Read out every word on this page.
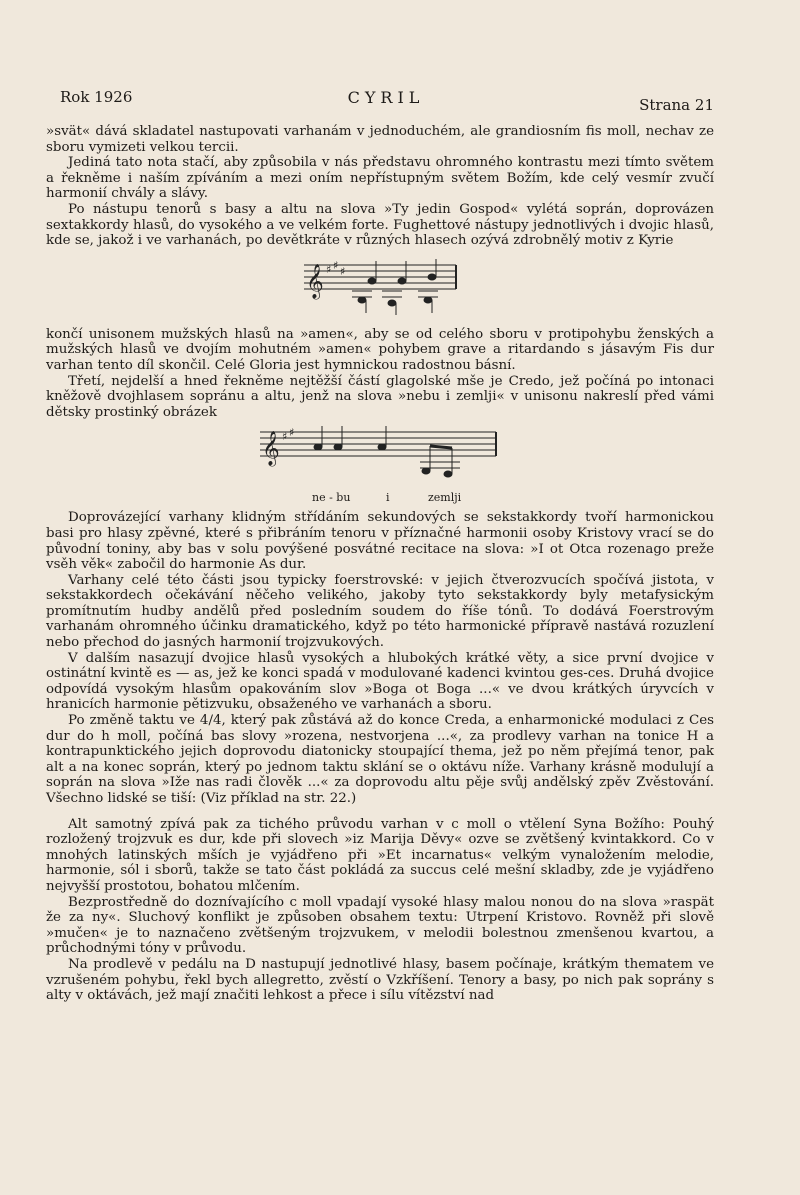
Rok 1926	CYRIL	Strana 21

»svät« dává skladatel nastupovati varhanám v jednoduchém, ale grandiosním fis moll, nechav ze sboru vymizeti velkou tercii.

Jediná tato nota stačí, aby způsobila v nás představu ohromného kontrastu mezi tímto světem a řekněme i naším zpíváním a mezi oním nepřístupným světem Božím, kde celý vesmír zvučí harmonií chvály a slávy.

Po nástupu tenorů s basy a altu na slova »Ty jedin Gospod« vylétá soprán, doprovázen sextakkordy hlasů, do vysokého a ve velkém forte. Fughettové nástupy jednotlivých i dvojic hlasů, kde se, jakož i ve varhanách, po devětkráte v různých hlasech ozývá zdrobnělý motiv z Kyrie

𝄞 ♯ ♯ ♯

končí unisonem mužských hlasů na »amen«, aby se od celého sboru v protipohybu ženských a mužských hlasů ve dvojím mohutném »amen« pohybem grave a ritardando s jásavým Fis dur varhan tento díl skončil. Celé Gloria jest hymnickou radostnou básní.

Třetí, nejdelší a hned řekněme nejtěžší částí glagolské mše je Credo, jež počíná po intonaci kněžově dvojhlasem sopránu a altu, jenž na slova »nebu i zemlji« v unisonu nakreslí před vámi dětsky prostinký obrázek

𝄞 ♯ ♯
ne - bu	i	zemlji

Doprovázející varhany klidným střídáním sekundových se sekstakkordy tvoří harmonickou basi pro hlasy zpěvné, které s přibráním tenoru v příznačné harmonii osoby Kristovy vrací se do původní toniny, aby bas v solu povýšené posvátné recitace na slova: »I ot Otca rozenago preže vsěh věk« zabočil do harmonie As dur.

Varhany celé této části jsou typicky foerstrovské: v jejich čtverozvucích spočívá jistota, v sekstakkordech očekávání něčeho velikého, jakoby tyto sekstakkordy byly metafysickým promítnutím hudby andělů před posledním soudem do říše tónů. To dodává Foerstrovým varhanám ohromného účinku dramatického, když po této harmonické přípravě nastává rozuzlení nebo přechod do jasných harmonií trojzvukových.

V dalším nasazují dvojice hlasů vysokých a hlubokých krátké věty, a sice první dvojice v ostinátní kvintě es — as, jež ke konci spadá v modulované kadenci kvintou ges-ces. Druhá dvojice odpovídá vysokým hlasům opakováním slov »Boga ot Boga ...« ve dvou krátkých úryvcích v hranicích harmonie pětizvuku, obsaženého ve varhanách a sboru.

Po změně taktu ve 4/4, který pak zůstává až do konce Creda, a enharmonické modulaci z Ces dur do h moll, počíná bas slovy »rozena, nestvorjena ...«, za prodlevy varhan na tonice H a kontrapunktického jejich doprovodu diatonicky stoupající thema, jež po něm přejímá tenor, pak alt a na konec soprán, který po jednom taktu sklání se o oktávu níže. Varhany krásně modulují a soprán na slova »Iže nas radi člověk ...« za doprovodu altu pěje svůj andělský zpěv Zvěstování. Všechno lidské se tiší: (Viz příklad na str. 22.)

Alt samotný zpívá pak za tichého průvodu varhan v c moll o vtělení Syna Božího: Pouhý rozložený trojzvuk es dur, kde při slovech »iz Marija Děvy« ozve se zvětšený kvintakkord. Co v mnohých latinských mších je vyjádřeno při »Et incarnatus« velkým vynaložením melodie, harmonie, sól i sborů, takže se tato část pokládá za succus celé mešní skladby, zde je vyjádřeno nejvyšší prostotou, bohatou mlčením.

Bezprostředně do doznívajícího c moll vpadají vysoké hlasy malou nonou do na slova »raspät že za ny«. Sluchový konflikt je způsoben obsahem textu: Utrpení Kristovo. Rovněž při slově »mučen« je to naznačeno zvětšeným trojzvukem, v melodii bolestnou zmenšenou kvartou, a průchodnými tóny v průvodu.

Na prodlevě v pedálu na D nastupují jednotlivé hlasy, basem počínaje, krátkým thematem ve vzrušeném pohybu, řekl bych allegretto, zvěstí o Vzkříšení. Tenory a basy, po nich pak soprány s alty v oktávách, jež mají značiti lehkost a přece i sílu vítězství nad
